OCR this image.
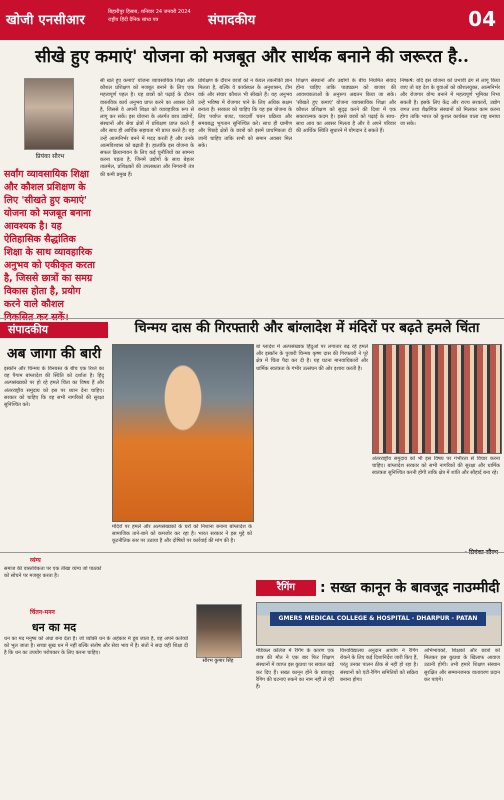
खोजी एनसीआर
बिहारीपुर हिसाब, शनिवार 24 जनवरी 2024
राष्ट्रीय हिंदी दैनिक सांध्य पत्र	संपादकीय	04
सीखे हुए कमाएं' योजना को मजबूत और सार्थक बनाने की जरूरत है..
प्रियंका सौरभ
सर्वांग व्यावसायिक शिक्षा और कौशल प्रशिक्षण के लिए 'सीखते हुए कमाएं' योजना को मजबूत बनाना आवश्यक है। यह ऐतिहासिक सैद्धांतिक शिक्षा के साथ व्यावहारिक अनुभव को एकीकृत करता है, जिससे छात्रों का समग्र विकास होता है, प्रयोग करने वाले कौशल

सी खते हुए कमाएं' योजना व्यावसायिक शिक्षा और कौशल प्रशिक्षण को मजबूत बनाने के लिए एक महत्वपूर्ण पहल है। यह छात्रों को पढ़ाई के दौरान वास्तविक कार्य अनुभव प्राप्त करने का अवसर देती है, जिससे वे अपनी शिक्षा को व्यावहारिक रूप से लागू कर सकें। इस योजना के अंतर्गत छात्र उद्योगों, संस्थानों और सेवा क्षेत्रों में प्रशिक्षण प्राप्त करते हैं और साथ ही आर्थिक सहायता भी प्राप्त करते हैं। यह उन्हें आत्मनिर्भर बनने में मदद करती है और उनके आत्मविश्वास को बढ़ाती है। हालांकि इस योजना के सफल क्रियान्वयन के लिए कई चुनौतियों का सामना करना पड़ता है, जिनमें उद्योगों के साथ बेहतर तालमेल, प्रशिक्षकों की उपलब्धता और निगरानी तंत्र की कमी प्रमुख हैं।

प्रशिक्षण के दौरान छात्रों को न केवल तकनीकी ज्ञान मिलता है, बल्कि वे कार्यस्थल के अनुशासन, टीम वर्क और संचार कौशल भी सीखते हैं। यह अनुभव उन्हें भविष्य में रोजगार पाने के लिए अधिक सक्षम बनाता है। सरकार को चाहिए कि वह इस योजना के लिए पर्याप्त बजट, पारदर्शी चयन प्रक्रिया और समयबद्ध भुगतान सुनिश्चित करे। साथ ही ग्रामीण और पिछड़े क्षेत्रों के छात्रों को इसमें प्राथमिकता दी जानी चाहिए ताकि सभी को समान अवसर मिल सके।

शिक्षण संस्थानों और उद्योगों के बीच नियमित संवाद होना चाहिए ताकि पाठ्यक्रम को बाजार की आवश्यकताओं के अनुरूप अद्यतन किया जा सके। 'सीखते हुए कमाएं' योजना व्यावसायिक शिक्षा और कौशल प्रशिक्षण को सुदृढ़ करने की दिशा में एक सकारात्मक कदम है। इससे छात्रों को पढ़ाई के साथ-साथ आय का अवसर मिलता है और वे अपने परिवार की आर्थिक स्थिति सुधारने में योगदान दे सकते हैं।

निष्कर्ष: यदि इस योजना को प्रभावी ढंग से लागू किया जाए तो यह देश के युवाओं को कौशलयुक्त, आत्मनिर्भर और रोजगार योग्य बनाने में महत्वपूर्ण भूमिका निभा सकती है। इसके लिए केंद्र और राज्य सरकारों, उद्योग जगत तथा शैक्षणिक संस्थानों को मिलकर काम करना होगा ताकि भारत को कुशल कार्यबल वाला राष्ट्र बनाया जा सके।

संपादकीय	चिन्मय दास की गिरफ्तारी और बांग्लादेश में मंदिरों पर बढ़ते हमले चिंता
अब जागा की बारी
इस्कॉन और चिन्मय के विनयस्त के बीच एक रिश्ते का वह पैगाम बांग्लादेश की स्थिति को दर्शाता है। हिंदू अल्पसंख्यकों पर हो रहे हमले चिंता का विषय हैं और अंतरराष्ट्रीय समुदाय को इस पर ध्यान देना चाहिए। सरकार को चाहिए कि वह सभी नागरिकों की सुरक्षा सुनिश्चित करे।
बां ग्लादेश में अल्पसंख्यक हिंदुओं पर लगातार बढ़ रहे हमले और इस्कॉन के पुजारी चिन्मय कृष्ण दास की गिरफ्तारी ने पूरे क्षेत्र में चिंता पैदा कर दी है। यह घटना मानवाधिकारों और धार्मिक स्वतंत्रता के गंभीर उल्लंघन की ओर इशारा करती है।
मंदिरों पर हमले और अल्पसंख्यकों के घरों को निशाना बनाना बांग्लादेश के सामाजिक ताने-बाने को कमजोर कर रहा है। भारत सरकार ने इस मुद्दे को कूटनीतिक स्तर पर उठाया है और दोषियों पर कार्रवाई की मांग की है।
अंतरराष्ट्रीय समुदाय को भी इस विषय पर गंभीरता से विचार करना चाहिए। बांग्लादेश सरकार को सभी नागरिकों की सुरक्षा और धार्मिक स्वतंत्रता सुनिश्चित करनी होगी ताकि क्षेत्र में शांति और सौहार्द बना रहे।
व्यंग्य
समाज की वास्तविकता पर एक तीखा व्यंग्य जो पाठकों को सोचने पर मजबूर करता है।
चिंतन-मनन
धन का मद
धन का मद मनुष्य को अंधा बना देता है। जो व्यक्ति धन के अहंकार में डूब जाता है, वह अपने कर्तव्यों को भूल जाता है। सच्चा सुख धन में नहीं बल्कि संतोष और सेवा भाव में है। संतों ने सदा यही शिक्षा दी है कि धन का उपयोग परोपकार के लिए करना चाहिए।
सौरभ कुमार सिंह
रैगिंग	: सख्त कानून के बावजूद नाउम्मीदी
GMERS MEDICAL COLLEGE & HOSPITAL - DHARPUR - PATAN
मेडिकल कॉलेज में रैगिंग के कारण एक छात्र की मौत ने एक बार फिर शिक्षण संस्थानों में व्याप्त इस कुप्रथा पर सवाल खड़े कर दिए हैं। सख्त कानून होने के बावजूद रैगिंग की घटनाएं रुकने का नाम नहीं ले रही हैं।
विश्वविद्यालय अनुदान आयोग ने रैगिंग रोकने के लिए कई दिशानिर्देश जारी किए हैं, परंतु उनका पालन ठीक से नहीं हो रहा है। संस्थानों को एंटी-रैगिंग समितियों को सक्रिय बनाना होगा।
अभिभावकों, शिक्षकों और छात्रों को मिलकर इस कुप्रथा के खिलाफ आवाज उठानी होगी। तभी हमारे शिक्षण संस्थान सुरक्षित और सम्मानजनक वातावरण प्रदान कर पाएंगे।
